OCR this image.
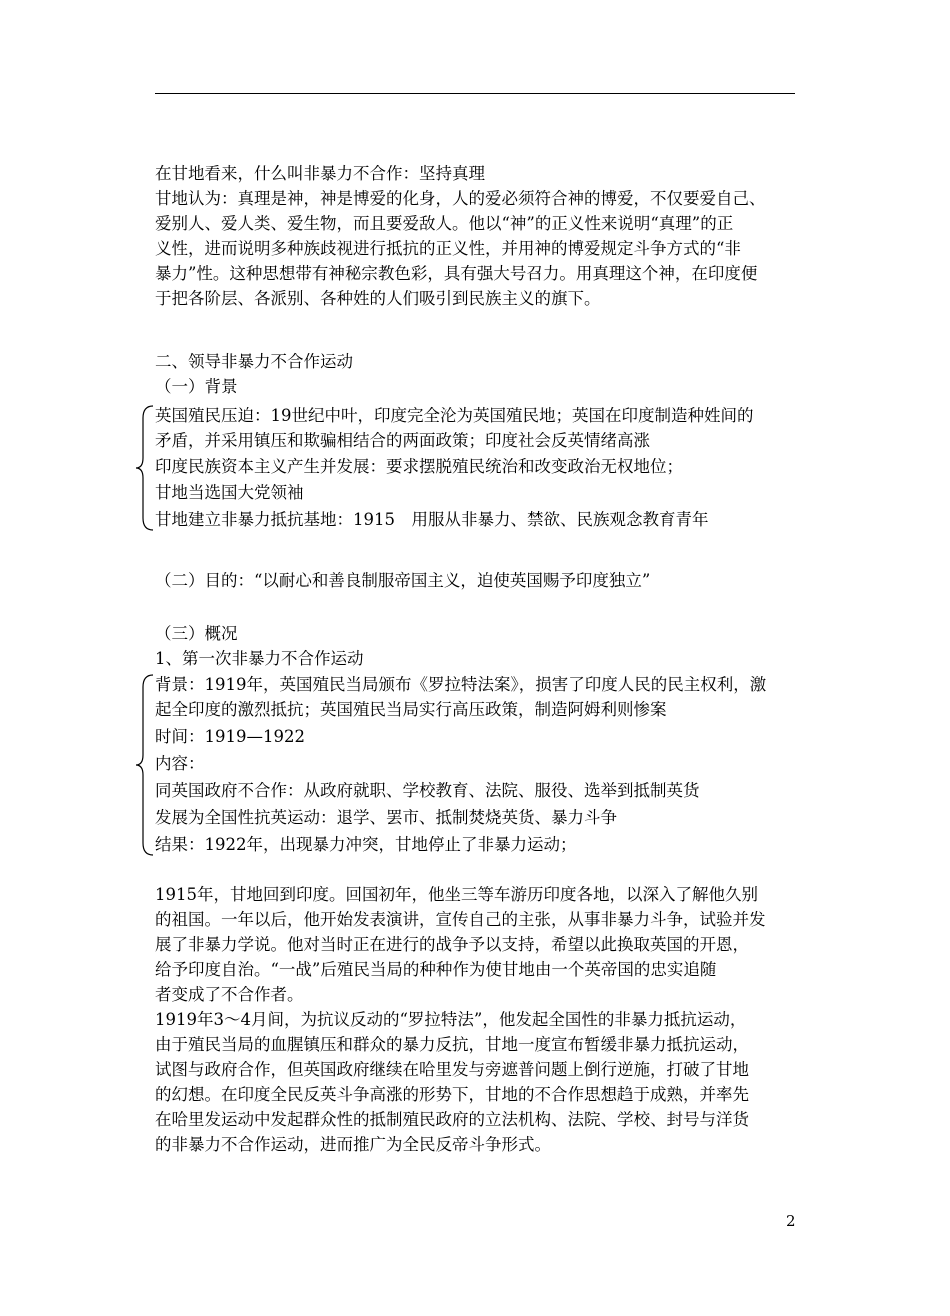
在甘地看来，什么叫非暴力不合作：坚持真理
甘地认为：真理是神，神是博爱的化身，人的爱必须符合神的博爱，不仅要爱自己、
爱别人、爱人类、爱生物，而且要爱敌人。他以“神”的正义性来说明“真理”的正
义性，进而说明多种族歧视进行抵抗的正义性，并用神的博爱规定斗争方式的“非
暴力”性。这种思想带有神秘宗教色彩，具有强大号召力。用真理这个神，在印度便
于把各阶层、各派别、各种姓的人们吸引到民族主义的旗下。
二、领导非暴力不合作运动
（一）背景
英国殖民压迫：19世纪中叶，印度完全沦为英国殖民地；英国在印度制造种姓间的
矛盾，并采用镇压和欺骗相结合的两面政策；印度社会反英情绪高涨
印度民族资本主义产生并发展：要求摆脱殖民统治和改变政治无权地位；
甘地当选国大党领袖
甘地建立非暴力抵抗基地：1915　用服从非暴力、禁欲、民族观念教育青年
（二）目的：“以耐心和善良制服帝国主义，迫使英国赐予印度独立”
（三）概况
1、第一次非暴力不合作运动
背景：1919年，英国殖民当局颁布《罗拉特法案》，损害了印度人民的民主权利，激
起全印度的激烈抵抗；英国殖民当局实行高压政策，制造阿姆利则惨案
时间：1919—1922
内容：
同英国政府不合作：从政府就职、学校教育、法院、服役、选举到抵制英货
发展为全国性抗英运动：退学、罢市、抵制焚烧英货、暴力斗争
结果：1922年，出现暴力冲突，甘地停止了非暴力运动；
1915年，甘地回到印度。回国初年，他坐三等车游历印度各地，以深入了解他久别
的祖国。一年以后，他开始发表演讲，宣传自己的主张，从事非暴力斗争，试验并发
展了非暴力学说。他对当时正在进行的战争予以支持，希望以此换取英国的开恩，
给予印度自治。“一战”后殖民当局的种种作为使甘地由一个英帝国的忠实追随
者变成了不合作者。
1919年3～4月间，为抗议反动的“罗拉特法”，他发起全国性的非暴力抵抗运动，
由于殖民当局的血腥镇压和群众的暴力反抗，甘地一度宣布暂缓非暴力抵抗运动，
试图与政府合作，但英国政府继续在哈里发与旁遮普问题上倒行逆施，打破了甘地
的幻想。在印度全民反英斗争高涨的形势下，甘地的不合作思想趋于成熟，并率先
在哈里发运动中发起群众性的抵制殖民政府的立法机构、法院、学校、封号与洋货
的非暴力不合作运动，进而推广为全民反帝斗争形式。
2
